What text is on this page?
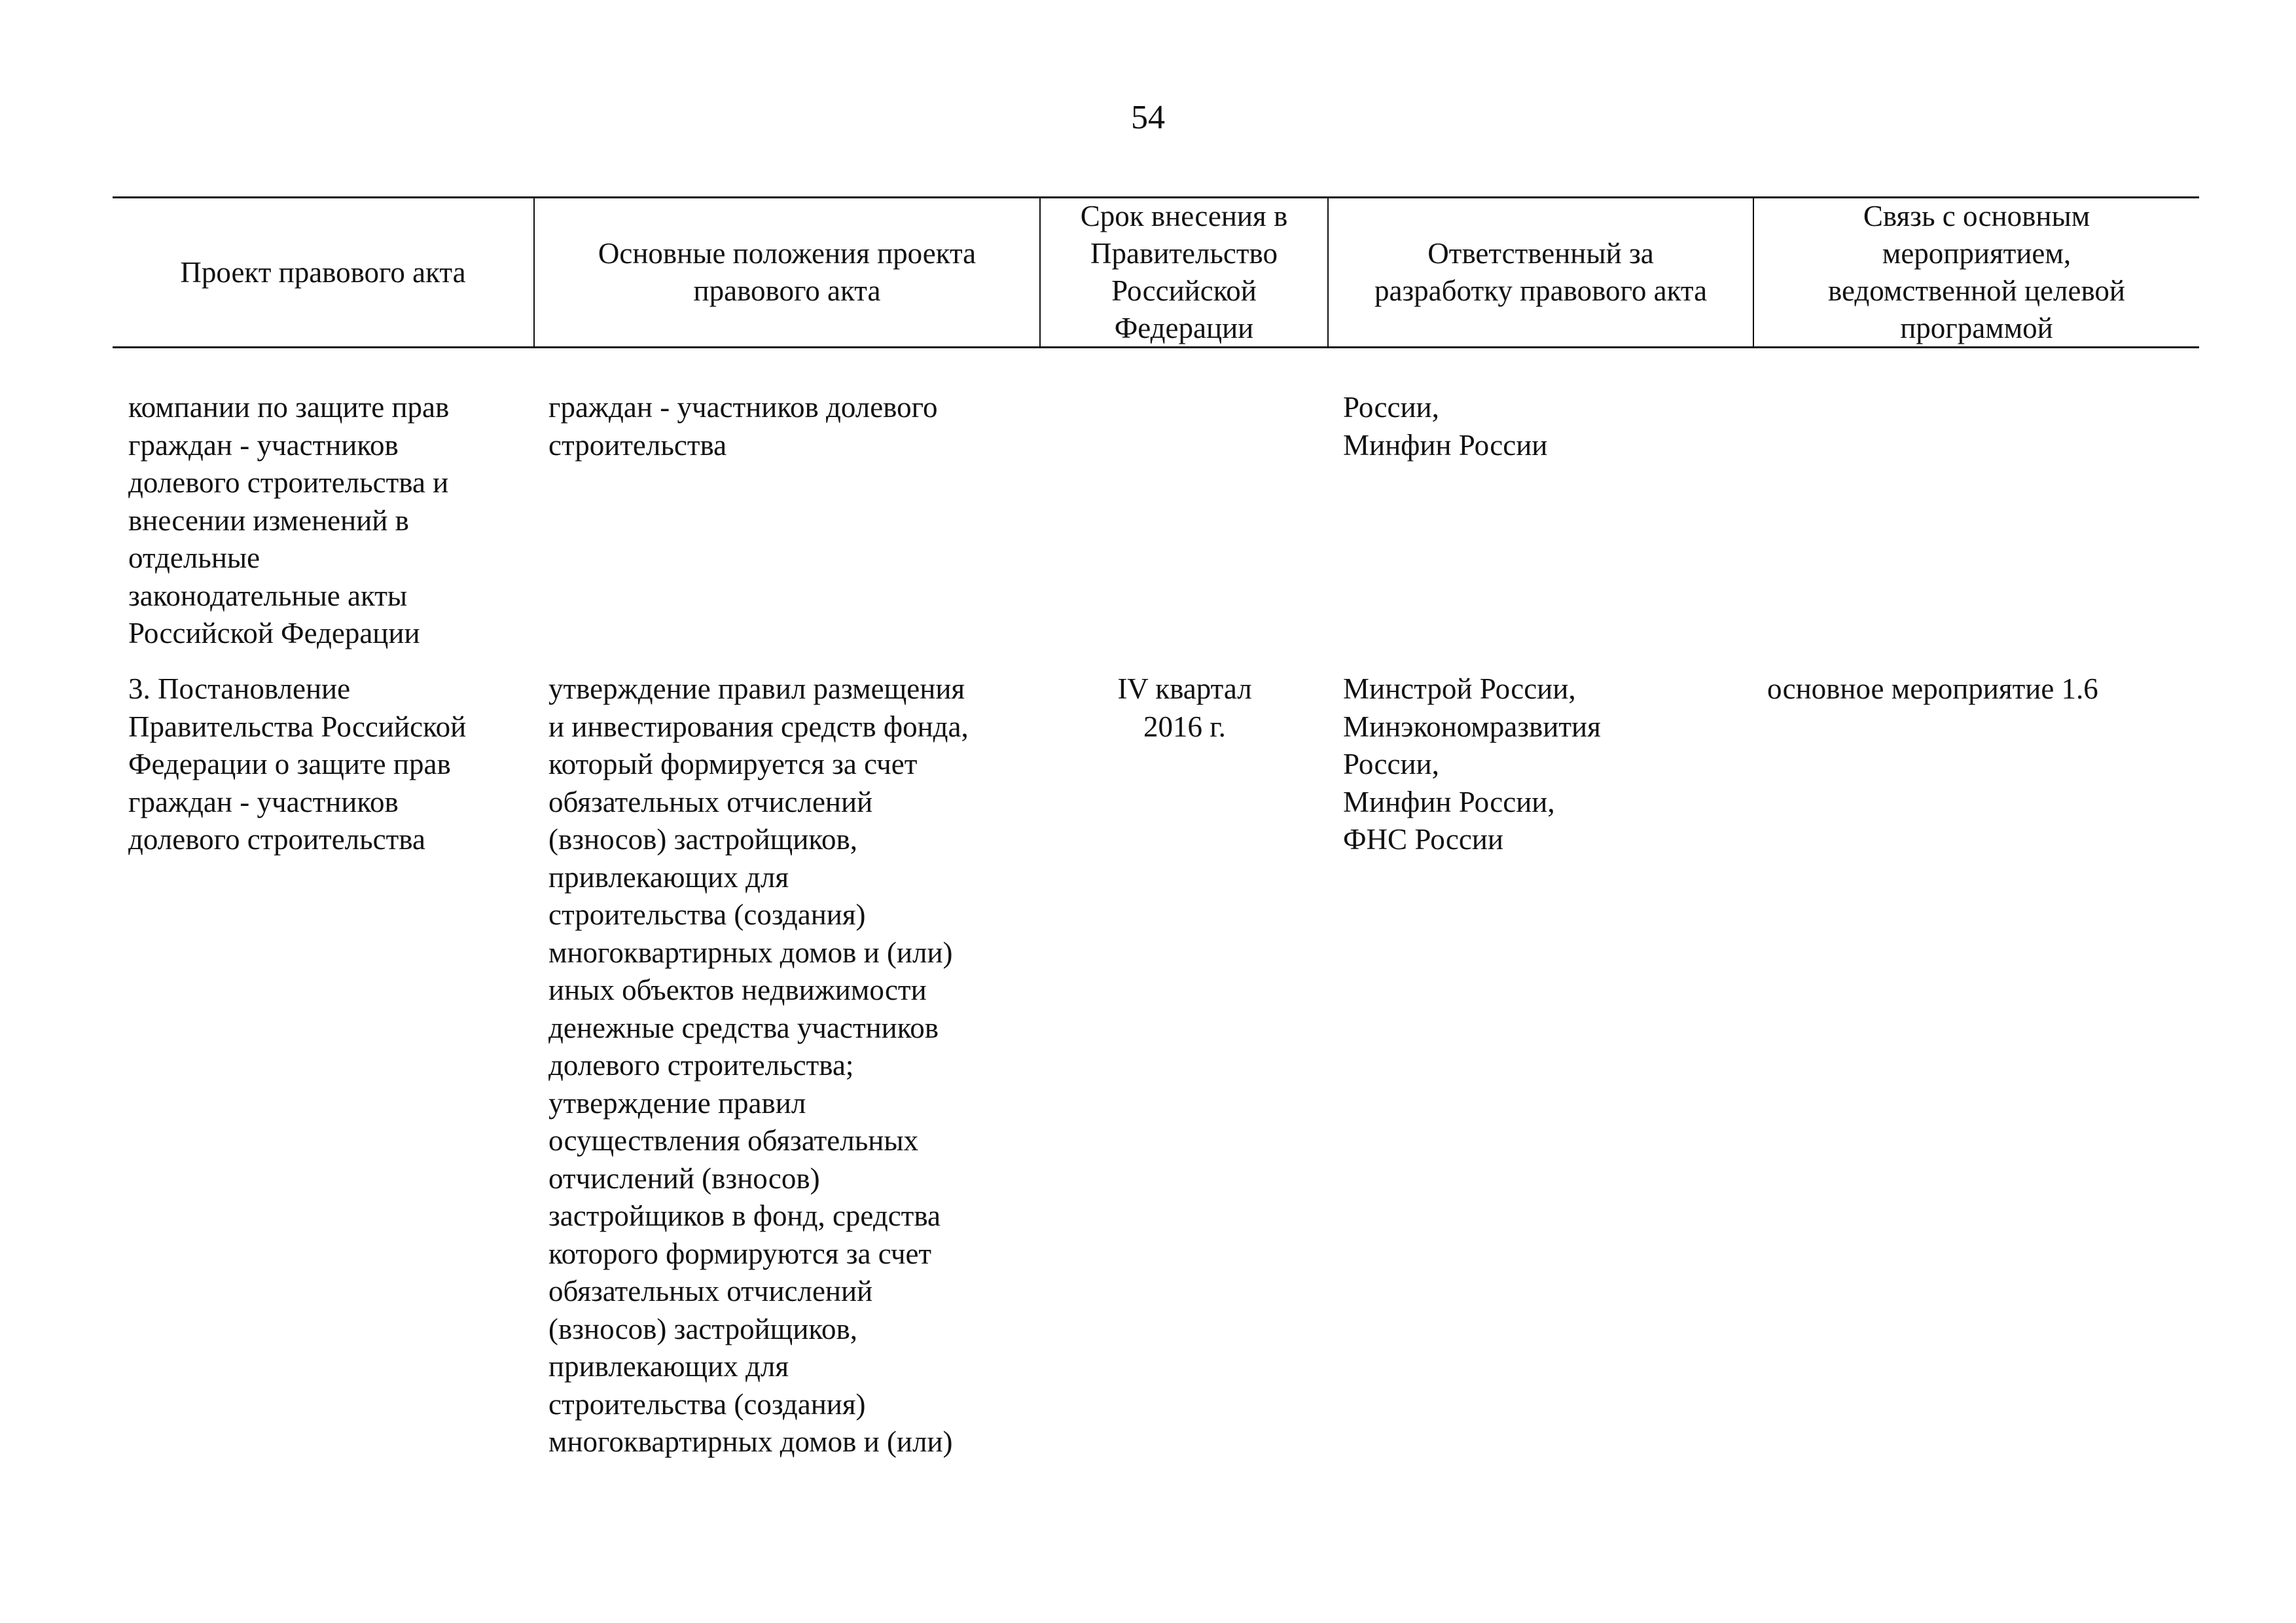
54
Проект правового акта
Основные положения проекта
правового акта
Срок внесения в
Правительство
Российской
Федерации
Ответственный за
разработку правового акта
Связь с основным
мероприятием,
ведомственной целевой
программой
компании по защите прав
граждан - участников
долевого строительства и
внесении изменений в
отдельные
законодательные акты
Российской Федерации
граждан - участников долевого
строительства
России,
Минфин России
3. Постановление
Правительства Российской
Федерации о защите прав
граждан - участников
долевого строительства
утверждение правил размещения
и инвестирования средств фонда,
который формируется за счет
обязательных отчислений
(взносов) застройщиков,
привлекающих для
строительства (создания)
многоквартирных домов и (или)
иных объектов недвижимости
денежные средства участников
долевого строительства;
утверждение правил
осуществления обязательных
отчислений (взносов)
застройщиков в фонд, средства
которого формируются за счет
обязательных отчислений
(взносов) застройщиков,
привлекающих для
строительства (создания)
многоквартирных домов и (или)
IV квартал
2016 г.
Минстрой России,
Минэкономразвития
России,
Минфин России,
ФНС России
основное мероприятие 1.6
